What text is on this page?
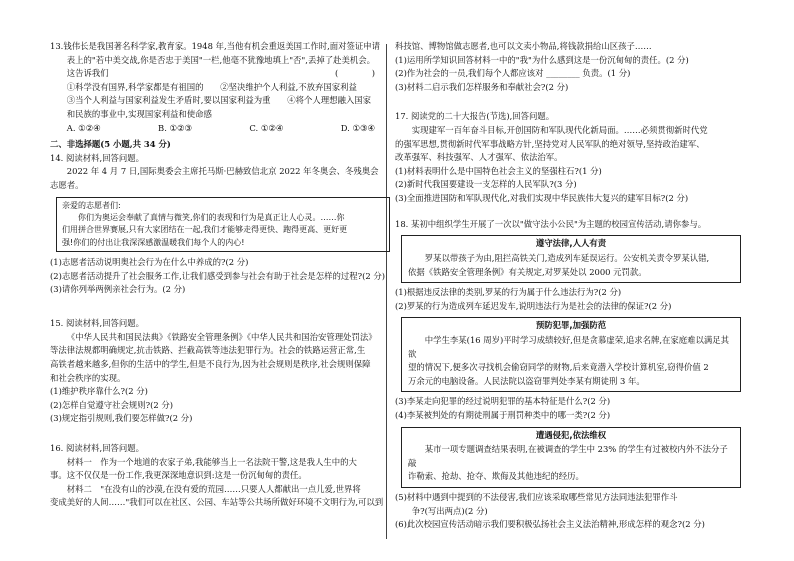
13.钱伟长是我国著名科学家,教育家。1948 年,当他有机会重返美国工作时,面对签证申请

表上的"若中美交战,你是否忠于美国"一栏,他毫不犹豫地填上"否",丢掉了赴美机会。

这告诉我们	(　　　　)

①科学没有国界,科学家都是有祖国的　　②坚决维护个人利益,不放弃国家利益

③当个人利益与国家利益发生矛盾时,要以国家利益为重　　④将个人理想融入国家

和民族的事业中,实现国家利益和使命感

A. ①②④	B. ①②③	C. ①②④	D. ①③④

二、非选择题(5 小题,共 34 分)

14. 阅读材料,回答问题。

2022 年 4 月 7 日,国际奥委会主席托马斯·巴赫致信北京 2022 年冬奥会、冬残奥会

志愿者。

亲爱的志愿者们:

你们为奥运会奉献了真情与微笑,你们的表现和行为是真正让人心灵。……你

们用拼合世界赛展,只有大家团结在一起,我们才能够走得更快、跑得更高、更好更

强!你们的付出让我深深感激温暖我们每个人的内心!

(1)志愿者活动说明奥社会行为在什么中养成的?(2 分)

(2)志愿者活动提升了社会服务工作,让我们感受到参与社会有助于社会是怎样的过程?(2 分)

(3)请你列举两例亲社会行为。(2 分)

15. 阅读材料,回答问题。

《中华人民共和国民法典》《铁路安全管理条例》《中华人民共和国治安管理处罚法》

等法律法规都明确规定,抗击铁路、拦截高铁等违法犯罪行为。社会的铁路运营正常,生

高铁者越来越多,但你的生活中的学生,但是不良行为,因为社会规则是秩序,社会规则保障

和社会秩序的实现。

(1)维护秩序靠什么?(2 分)

(2)怎样自觉遵守社会规则?(2 分)

(3)规定指引规则,我们要怎样做?(2 分)

16. 阅读材料,回答问题。

材料一　作为一个地道的农家子弟,我能够当上一名法院干警,这是我人生中的大

事。这不仅仅是一份工作,我更深深地意识到:这是一份沉甸甸的责任。

材料二　"在没有山的沙漠,在没有爱的荒园……只要人人都献出一点儿爱,世界将

变成美好的人间……"我们可以在社区、公园、车站等公共场所做好环境不文明行为,可以到

科技馆、博物馆做志愿者,也可以文卖小物品,将钱款捐给山区孩子……

(1)运用所学知识回答材料一中的"我"为什么感到这是一份沉甸甸的责任。(2 分)

(2)作为社会的一员,我们每个人都应该对 ________ 负责。(1 分)

(3)材料二启示我们怎样服务和奉献社会?(2 分)

17. 阅读党的二十大报告(节选),回答问题。

实现建军一百年奋斗目标,开创国防和军队现代化新局面。……必须贯彻新时代党

的强军思想,贯彻新时代军事战略方针,坚持党对人民军队的绝对领导,坚持政治建军、

改革强军、科技强军、人才强军、依法治军。

(1)材料表明什么是中国特色社会主义的坚强柱石?(1 分)

(2)新时代我国要建设一支怎样的人民军队?(3 分)

(3)全面推进国防和军队现代化,对我们实现中华民族伟大复兴的建军目标?(2 分)

18. 某初中组织学生开展了一次以"做守法小公民"为主题的校园宣传活动,请你参与。

遵守法律,人人有责

罗某以带孩子为由,阻拦高铁关门,造成列车延误运行。公安机关责令罗某认错,

依据《铁路安全管理条例》有关规定,对罗某处以 2000 元罚款。

(1)根据违反法律的类别,罗某的行为属于什么违法行为?(2 分)

(2)罗某的行为造成列车延迟发车,说明违法行为是社会的法律的保证?(2 分)

预防犯罪,加强防范

中学生李某(16 周岁)平时学习成绩较好,但是贪慕虚荣,追求名牌,在家庭难以满足其欲

望的情况下,便多次寻找机会偷窃同学的财物,后来竟潜入学校计算机室,窃得价值 2

万余元的电脑设备。人民法院以盗窃罪判处李某有期徒刑 3 年。

(3)李某走向犯罪的经过说明犯罪的基本特征是什么?(2 分)

(4)李某被判处的有期徒刑属于刑罚种类中的哪一类?(2 分)

遭遇侵犯,依法维权

某市一项专题调查结果表明,在被调查的学生中 23% 的学生有过被校内外不法分子敲

诈勒索、抢劫、抢夺、欺侮及其他违纪的经历。

(5)材料中遇到中提到的不法侵害,我们应该采取哪些常见方法同违法犯罪作斗

争?(写出两点)(2 分)

(6)此次校园宣传活动暗示我们要积极弘扬社会主义法治精神,形成怎样的观念?(2 分)
